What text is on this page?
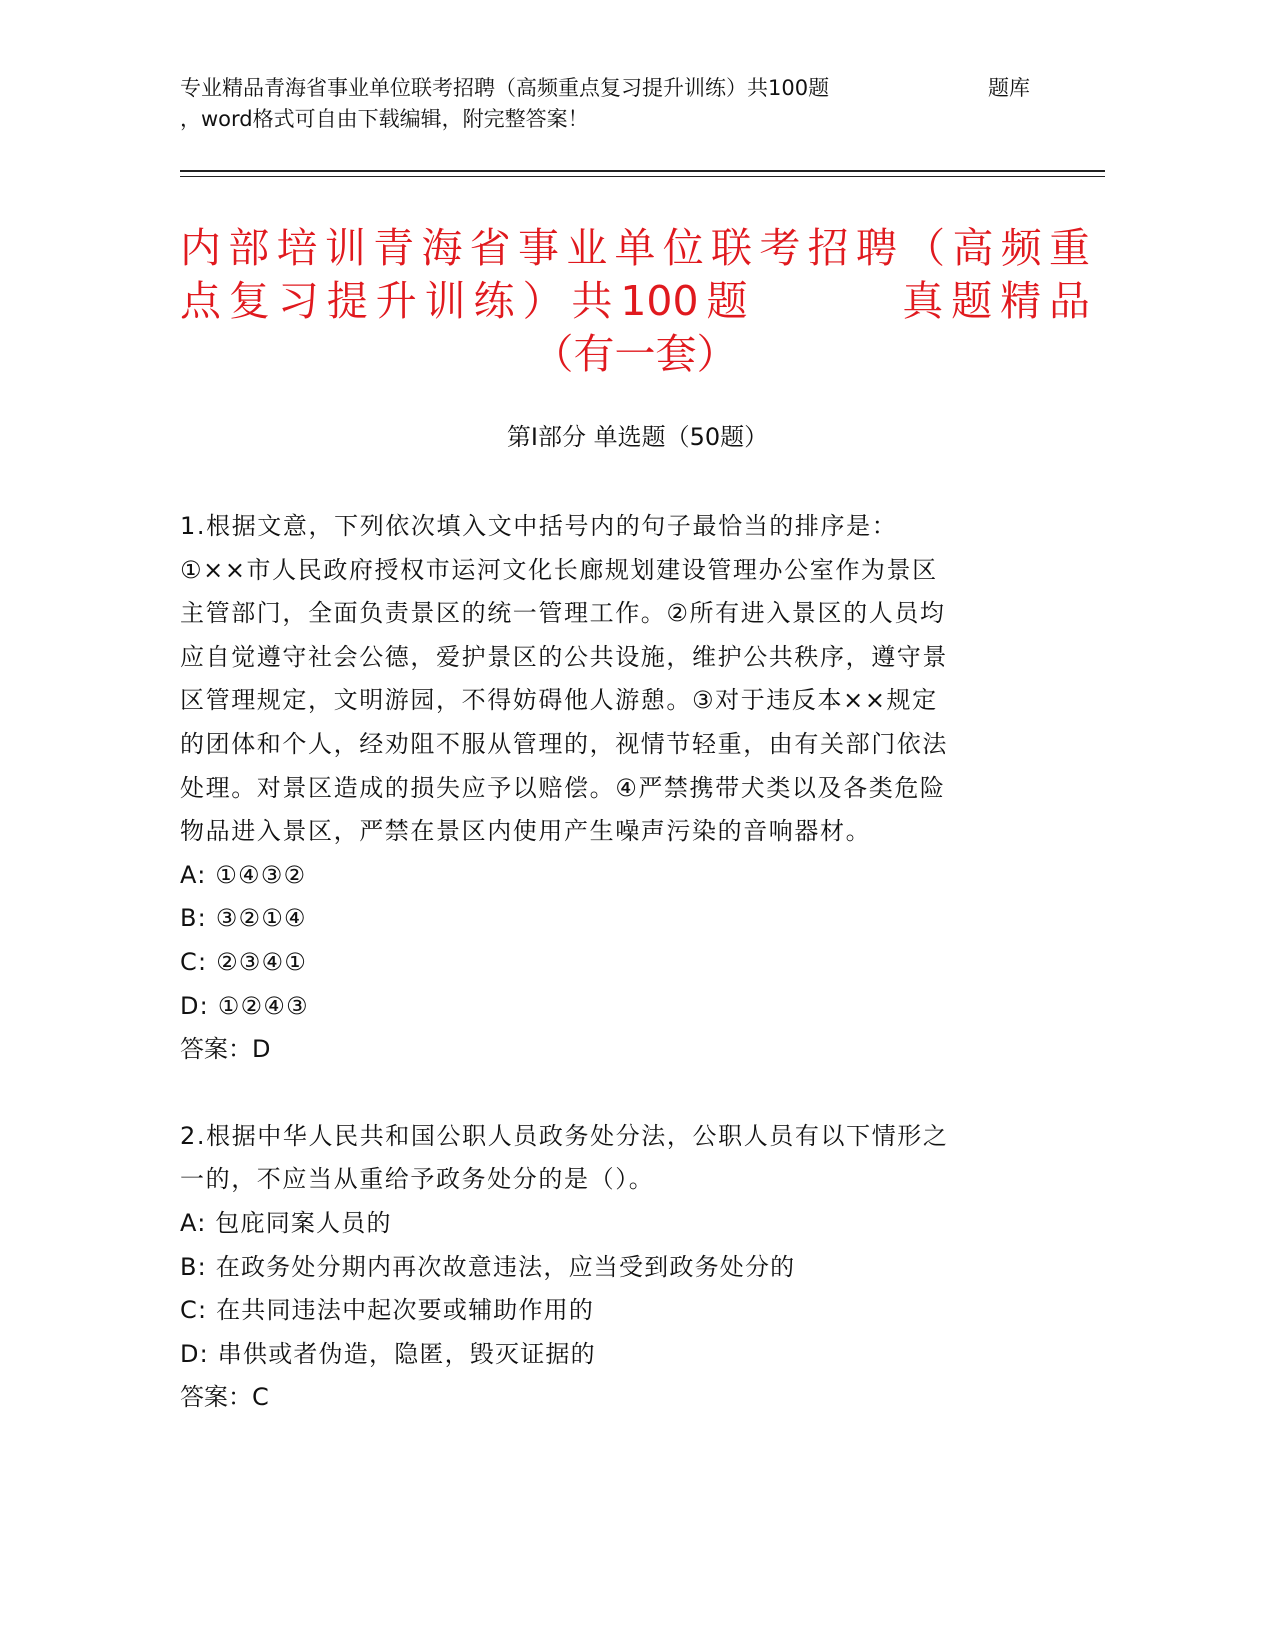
专业精品青海省事业单位联考招聘（高频重点复习提升训练）共100题	题库
，word格式可自由下载编辑，附完整答案！
内部培训青海省事业单位联考招聘（高频重
点复习提升训练）共100题　　　真题精品
（有一套）
第Ⅰ部分 单选题（50题）
1.根据文意，下列依次填入文中括号内的句子最恰当的排序是：
①××市人民政府授权市运河文化长廊规划建设管理办公室作为景区
主管部门，全面负责景区的统一管理工作。②所有进入景区的人员均
应自觉遵守社会公德，爱护景区的公共设施，维护公共秩序，遵守景
区管理规定，文明游园，不得妨碍他人游憩。③对于违反本××规定
的团体和个人，经劝阻不服从管理的，视情节轻重，由有关部门依法
处理。对景区造成的损失应予以赔偿。④严禁携带犬类以及各类危险
物品进入景区，严禁在景区内使用产生噪声污染的音响器材。
A: ①④③②
B: ③②①④
C: ②③④①
D: ①②④③
答案：D
2.根据中华人民共和国公职人员政务处分法，公职人员有以下情形之
一的，不应当从重给予政务处分的是（）。
A: 包庇同案人员的
B: 在政务处分期内再次故意违法，应当受到政务处分的
C: 在共同违法中起次要或辅助作用的
D: 串供或者伪造，隐匿，毁灭证据的
答案：C
